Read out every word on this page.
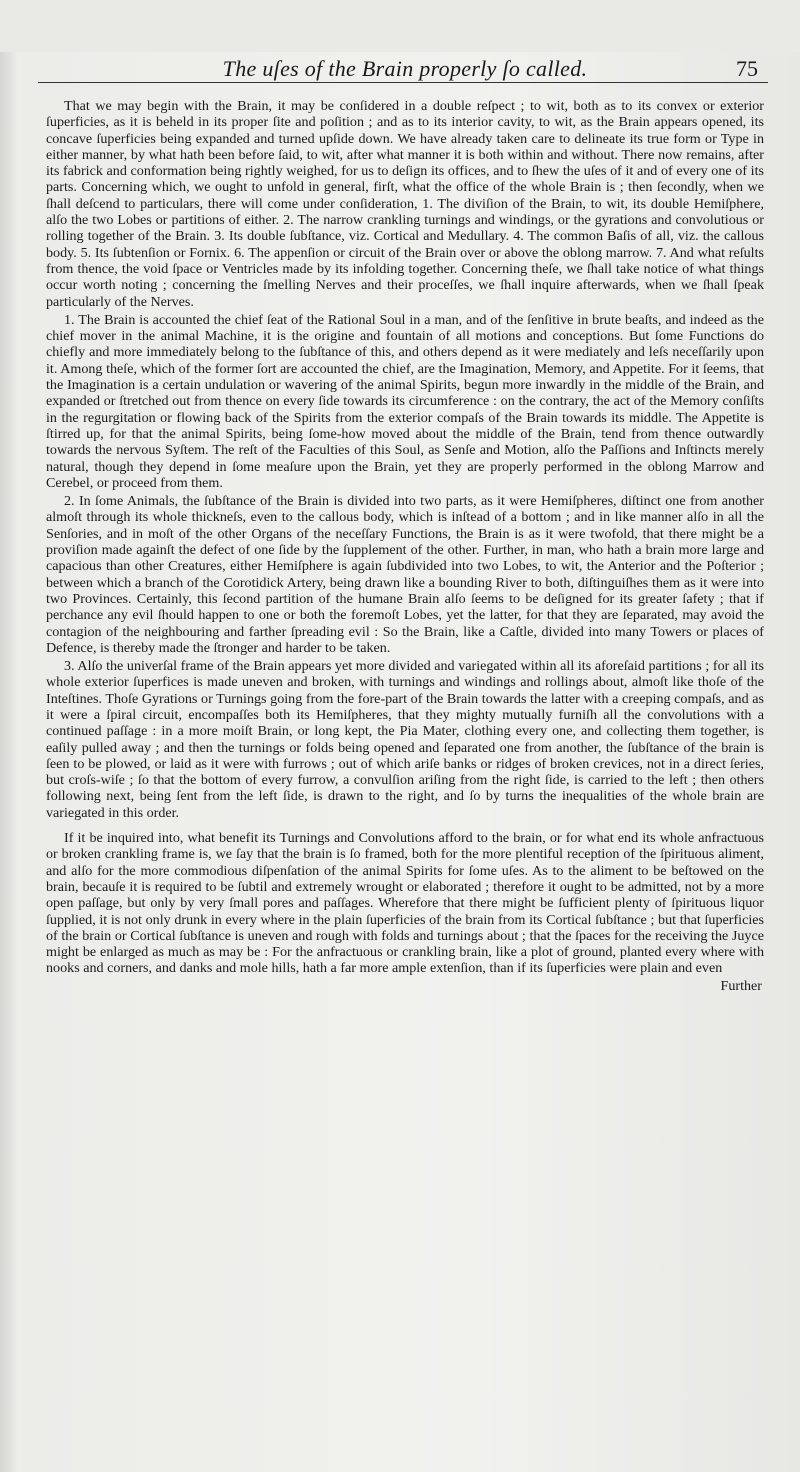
The uſes of the Brain properly ſo called.	75

That we may begin with the Brain, it may be conſidered in a double reſpect ; to wit, both as to its convex or exterior ſuperficies, as it is beheld in its proper ſite and poſition ; and as to its interior cavity, to wit, as the Brain appears opened, its concave ſuperficies being expanded and turned upſide down. We have already taken care to delineate its true form or Type in either manner, by what hath been before ſaid, to wit, after what manner it is both within and without. There now remains, after its fabrick and conformation being rightly weighed, for us to deſign its offices, and to ſhew the uſes of it and of every one of its parts. Concerning which, we ought to unfold in general, firſt, what the office of the whole Brain is ; then ſecondly, when we ſhall deſcend to particulars, there will come under conſideration, 1. The diviſion of the Brain, to wit, its double Hemiſphere, alſo the two Lobes or partitions of either. 2. The narrow crankling turnings and windings, or the gyrations and convolutious or rolling together of the Brain. 3. Its double ſubſtance, viz. Cortical and Medullary. 4. The common Baſis of all, viz. the callous body. 5. Its ſubtenſion or Fornix. 6. The appenſion or circuit of the Brain over or above the oblong marrow. 7. And what reſults from thence, the void ſpace or Ventricles made by its infolding together. Concerning theſe, we ſhall take notice of what things occur worth noting ; concerning the ſmelling Nerves and their proceſſes, we ſhall inquire afterwards, when we ſhall ſpeak particularly of the Nerves.

1. The Brain is accounted the chief ſeat of the Rational Soul in a man, and of the ſenſitive in brute beaſts, and indeed as the chief mover in the animal Machine, it is the origine and fountain of all motions and conceptions. But ſome Functions do chiefly and more immediately belong to the ſubſtance of this, and others depend as it were mediately and leſs neceſſarily upon it. Among theſe, which of the former ſort are accounted the chief, are the Imagination, Memory, and Appetite. For it ſeems, that the Imagination is a certain undulation or wavering of the animal Spirits, begun more inwardly in the middle of the Brain, and expanded or ſtretched out from thence on every ſide towards its circumference : on the contrary, the act of the Memory conſiſts in the regurgitation or flowing back of the Spirits from the exterior compaſs of the Brain towards its middle. The Appetite is ſtirred up, for that the animal Spirits, being ſome-how moved about the middle of the Brain, tend from thence outwardly towards the nervous Syſtem. The reſt of the Faculties of this Soul, as Senſe and Motion, alſo the Paſſions and Inſtincts merely natural, though they depend in ſome meaſure upon the Brain, yet they are properly performed in the oblong Marrow and Cerebel, or proceed from them.

2. In ſome Animals, the ſubſtance of the Brain is divided into two parts, as it were Hemiſpheres, diſtinct one from another almoſt through its whole thickneſs, even to the callous body, which is inſtead of a bottom ; and in like manner alſo in all the Senſories, and in moſt of the other Organs of the neceſſary Functions, the Brain is as it were twofold, that there might be a proviſion made againſt the defect of one ſide by the ſupplement of the other. Further, in man, who hath a brain more large and capacious than other Creatures, either Hemiſphere is again ſubdivided into two Lobes, to wit, the Anterior and the Poſterior ; between which a branch of the Corotidick Artery, being drawn like a bounding River to both, diſtinguiſhes them as it were into two Provinces. Certainly, this ſecond partition of the humane Brain alſo ſeems to be deſigned for its greater ſafety ; that if perchance any evil ſhould happen to one or both the foremoſt Lobes, yet the latter, for that they are ſeparated, may avoid the contagion of the neighbouring and farther ſpreading evil : So the Brain, like a Caſtle, divided into many Towers or places of Defence, is thereby made the ſtronger and harder to be taken.

3. Alſo the univerſal frame of the Brain appears yet more divided and variegated within all its aforeſaid partitions ; for all its whole exterior ſuperfices is made uneven and broken, with turnings and windings and rollings about, almoſt like thoſe of the Inteſtines. Thoſe Gyrations or Turnings going from the fore-part of the Brain towards the latter with a creeping compaſs, and as it were a ſpiral circuit, encompaſſes both its Hemiſpheres, that they mighty mutually furniſh all the convolutions with a continued paſſage : in a more moiſt Brain, or long kept, the Pia Mater, clothing every one, and collecting them together, is eaſily pulled away ; and then the turnings or folds being opened and ſeparated one from another, the ſubſtance of the brain is ſeen to be plowed, or laid as it were with furrows ; out of which ariſe banks or ridges of broken crevices, not in a direct ſeries, but croſs-wiſe ; ſo that the bottom of every furrow, a convulſion ariſing from the right ſide, is carried to the left ; then others following next, being ſent from the left ſide, is drawn to the right, and ſo by turns the inequalities of the whole brain are variegated in this order.

If it be inquired into, what benefit its Turnings and Convolutions afford to the brain, or for what end its whole anfractuous or broken crankling frame is, we ſay that the brain is ſo framed, both for the more plentiful reception of the ſpirituous aliment, and alſo for the more commodious diſpenſation of the animal Spirits for ſome uſes. As to the aliment to be beſtowed on the brain, becauſe it is required to be ſubtil and extremely wrought or elaborated ; therefore it ought to be admitted, not by a more open paſſage, but only by very ſmall pores and paſſages. Wherefore that there might be ſufficient plenty of ſpirituous liquor ſupplied, it is not only drunk in every where in the plain ſuperficies of the brain from its Cortical ſubſtance ; but that ſuperficies of the brain or Cortical ſubſtance is uneven and rough with folds and turnings about ; that the ſpaces for the receiving the Juyce might be enlarged as much as may be : For the anfractuous or crankling brain, like a plot of ground, planted every where with nooks and corners, and danks and mole hills, hath a far more ample extenſion, than if its ſuperficies were plain and even

Further
